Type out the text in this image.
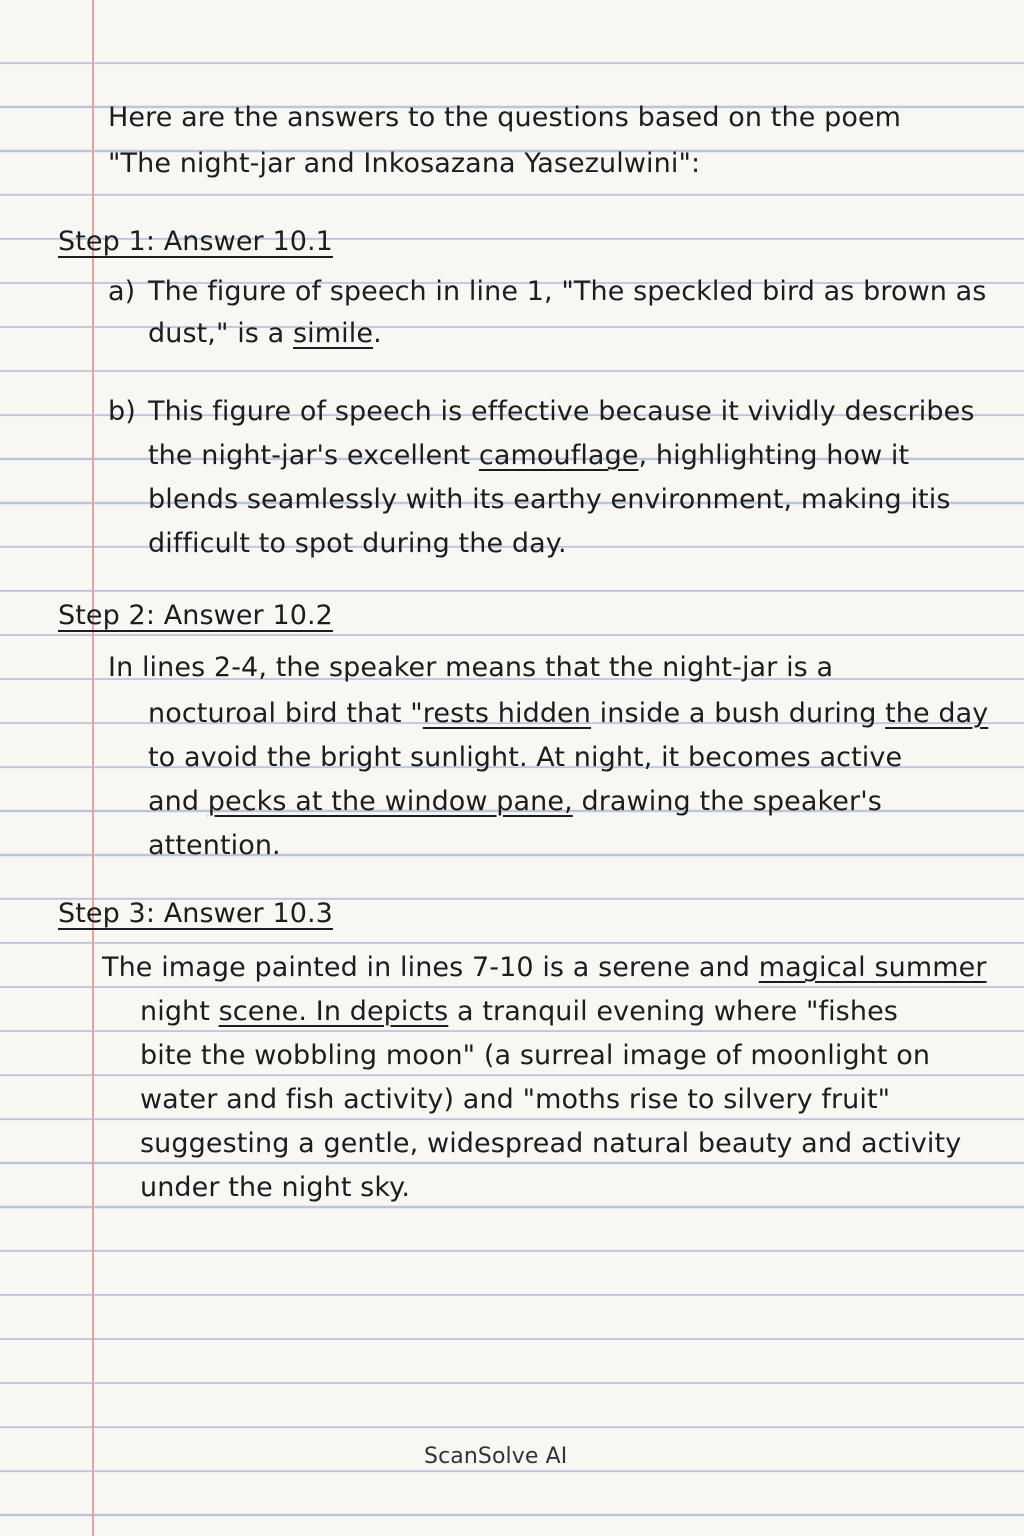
Here are the answers to the questions based on the poem
"The night-jar and Inkosazana Yasezulwini":
Step 1: Answer 10.1
a) The figure of speech in line 1, "The speckled bird as brown as
dust," is a simile.
b) This figure of speech is effective because it vividly describes
the night-jar's excellent camouflage, highlighting how it
blends seamlessly with its earthy environment, making itis
difficult to spot during the day.
Step 2: Answer 10.2
In lines 2-4, the speaker means that the night-jar is a
nocturoal bird that "rests hidden inside a bush during the day
to avoid the bright sunlight. At night, it becomes active
and pecks at the window pane, drawing the speaker's
attention.
Step 3: Answer 10.3
The image painted in lines 7-10 is a serene and magical summer
night scene. In depicts a tranquil evening where "fishes
bite the wobbling moon" (a surreal image of moonlight on
water and fish activity) and "moths rise to silvery fruit"
suggesting a gentle, widespread natural beauty and activity
under the night sky.
ScanSolve AI
